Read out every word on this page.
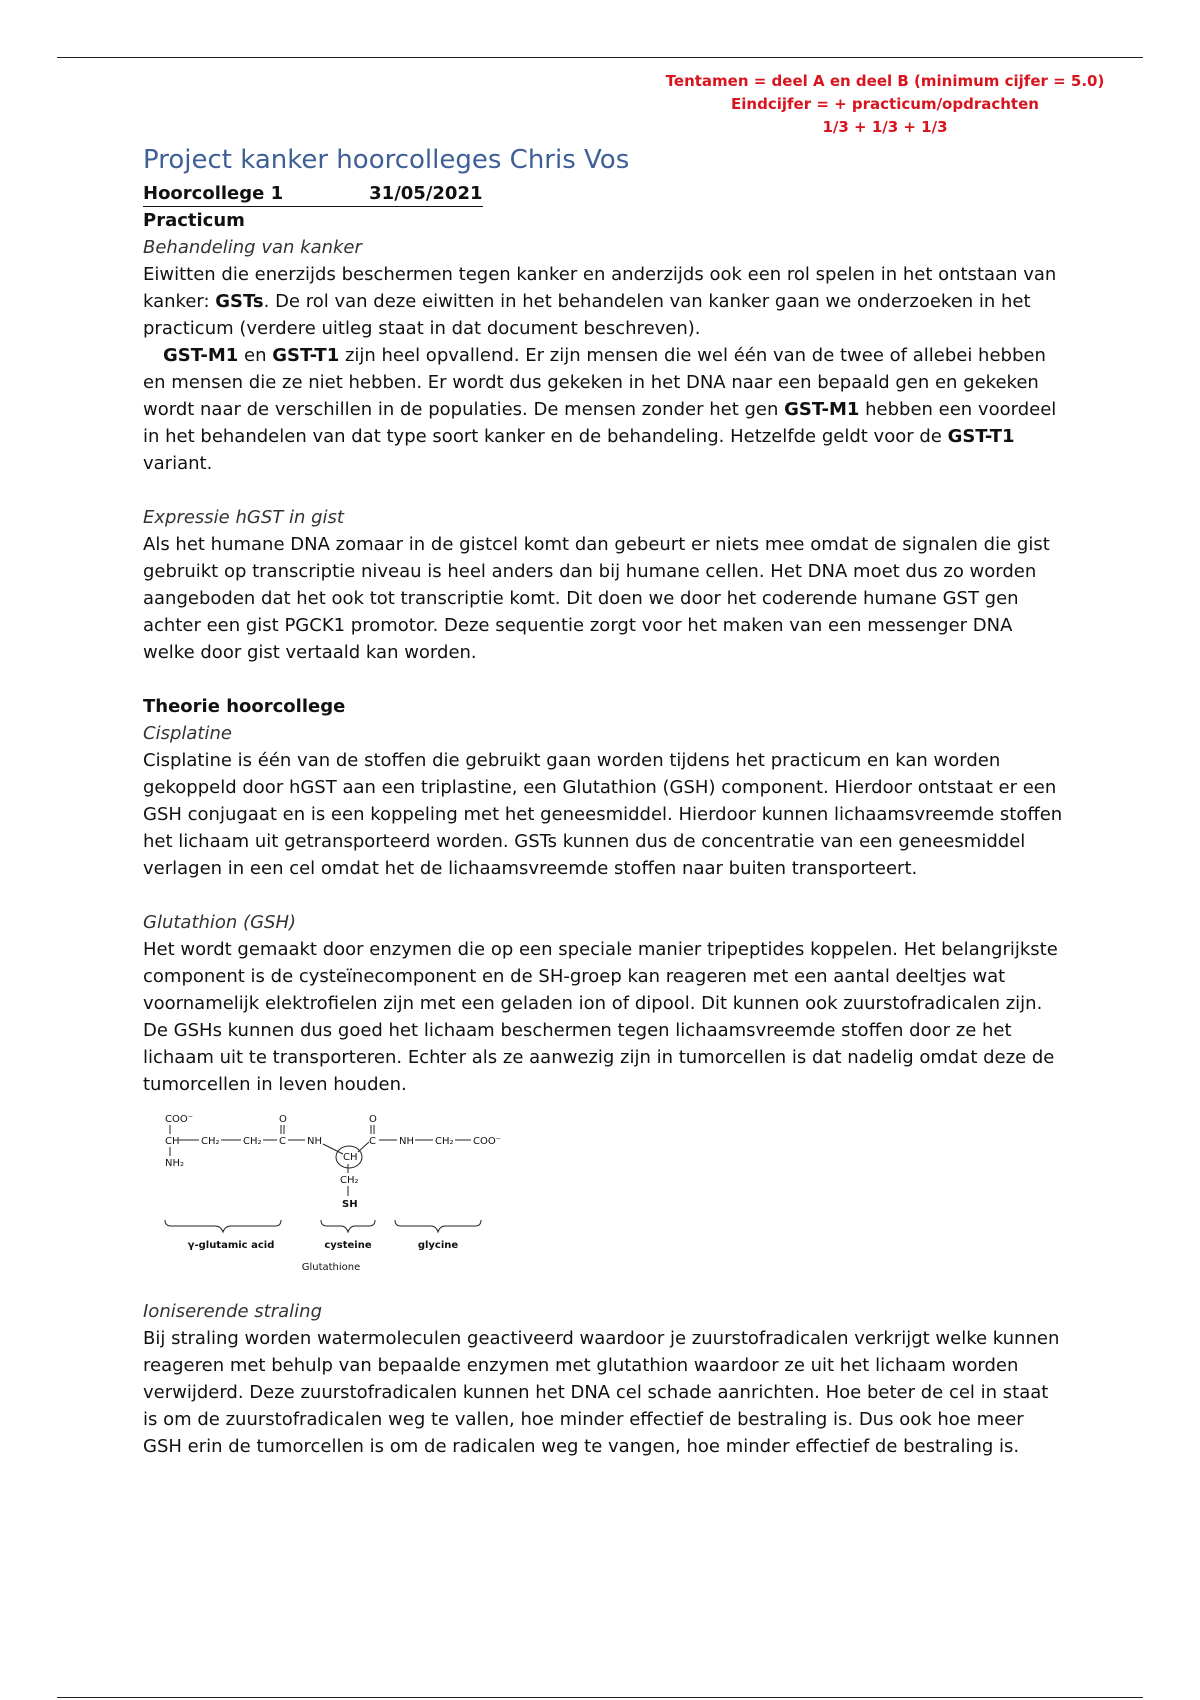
Tentamen = deel A en deel B (minimum cijfer = 5.0)
Eindcijfer = + practicum/opdrachten
1/3 + 1/3 + 1/3
Project kanker hoorcolleges Chris Vos
Hoorcollege 1	31/05/2021
Practicum
Behandeling van kanker

Eiwitten die enerzijds beschermen tegen kanker en anderzijds ook een rol spelen in het ontstaan van kanker: GSTs. De rol van deze eiwitten in het behandelen van kanker gaan we onderzoeken in het practicum (verdere uitleg staat in dat document beschreven).

GST-M1 en GST-T1 zijn heel opvallend. Er zijn mensen die wel één van de twee of allebei hebben en mensen die ze niet hebben. Er wordt dus gekeken in het DNA naar een bepaald gen en gekeken wordt naar de verschillen in de populaties. De mensen zonder het gen GST-M1 hebben een voordeel in het behandelen van dat type soort kanker en de behandeling. Hetzelfde geldt voor de GST-T1 variant.

Expressie hGST in gist

Als het humane DNA zomaar in de gistcel komt dan gebeurt er niets mee omdat de signalen die gist gebruikt op transcriptie niveau is heel anders dan bij humane cellen. Het DNA moet dus zo worden aangeboden dat het ook tot transcriptie komt. Dit doen we door het coderende humane GST gen achter een gist PGCK1 promotor. Deze sequentie zorgt voor het maken van een messenger DNA welke door gist vertaald kan worden.

Theorie hoorcollege
Cisplatine

Cisplatine is één van de stoffen die gebruikt gaan worden tijdens het practicum en kan worden gekoppeld door hGST aan een triplastine, een Glutathion (GSH) component. Hierdoor ontstaat er een GSH conjugaat en is een koppeling met het geneesmiddel. Hierdoor kunnen lichaamsvreemde stoffen het lichaam uit getransporteerd worden. GSTs kunnen dus de concentratie van een geneesmiddel verlagen in een cel omdat het de lichaamsvreemde stoffen naar buiten transporteert.

Glutathion (GSH)

Het wordt gemaakt door enzymen die op een speciale manier tripeptides koppelen. Het belangrijkste component is de cysteïnecomponent en de SH-groep kan reageren met een aantal deeltjes wat voornamelijk elektrofielen zijn met een geladen ion of dipool. Dit kunnen ook zuurstofradicalen zijn. De GSHs kunnen dus goed het lichaam beschermen tegen lichaamsvreemde stoffen door ze het lichaam uit te transporteren. Echter als ze aanwezig zijn in tumorcellen is dat nadelig omdat deze de tumorcellen in leven houden.

COO⁻
CH CH₂ CH₂
O
C NH
NH₂
CH
CH₂
SH
O
C NH CH₂ COO⁻
γ-glutamic acid	cysteine	glycine
Glutathione
Ioniserende straling

Bij straling worden watermoleculen geactiveerd waardoor je zuurstofradicalen verkrijgt welke kunnen reageren met behulp van bepaalde enzymen met glutathion waardoor ze uit het lichaam worden verwijderd. Deze zuurstofradicalen kunnen het DNA cel schade aanrichten. Hoe beter de cel in staat is om de zuurstofradicalen weg te vallen, hoe minder effectief de bestraling is. Dus ook hoe meer GSH erin de tumorcellen is om de radicalen weg te vangen, hoe minder effectief de bestraling is.
